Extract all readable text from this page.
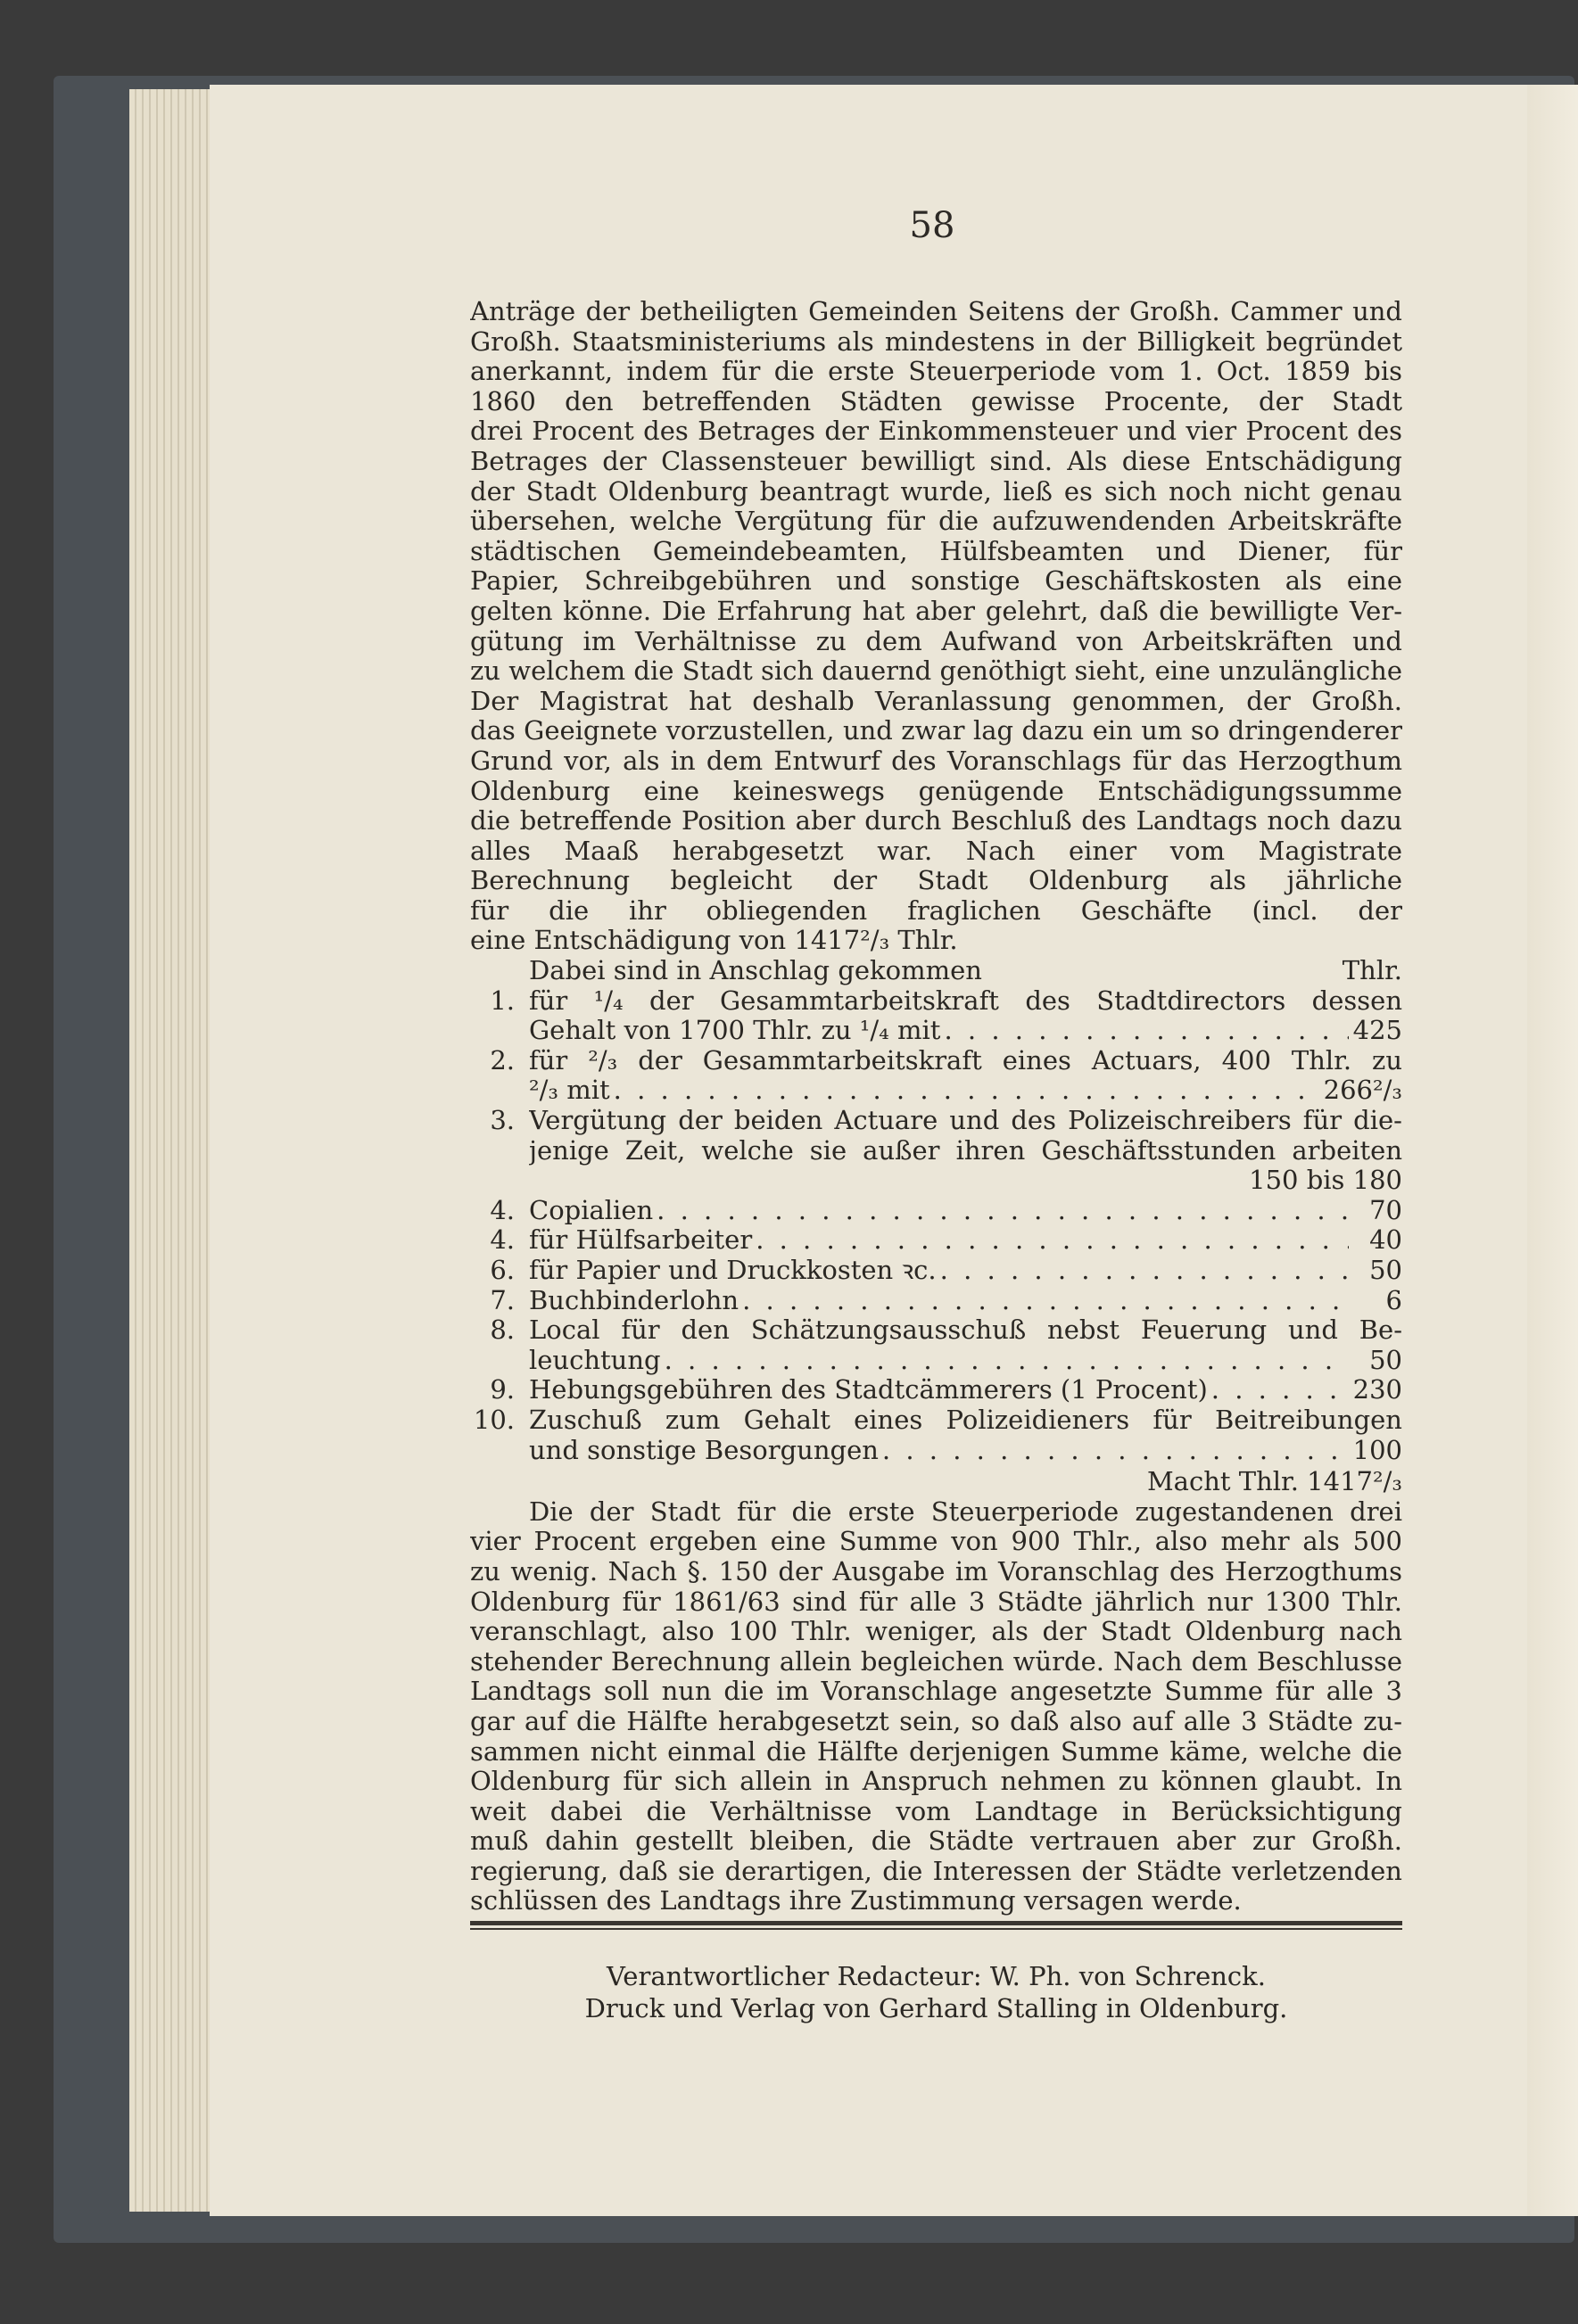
58
Anträge der betheiligten Gemeinden Seitens der Großh. Cammer und
Großh. Staatsministeriums als mindestens in der Billigkeit begründet
anerkannt, indem für die erste Steuerperiode vom 1. Oct. 1859 bis
1860 den betreffenden Städten gewisse Procente, der Stadt
drei Procent des Betrages der Einkommensteuer und vier Procent des
Betrages der Classensteuer bewilligt sind. Als diese Entschädigung
der Stadt Oldenburg beantragt wurde, ließ es sich noch nicht genau
übersehen, welche Vergütung für die aufzuwendenden Arbeitskräfte
städtischen Gemeindebeamten, Hülfsbeamten und Diener, für
Papier, Schreibgebühren und sonstige Geschäftskosten als eine
gelten könne. Die Erfahrung hat aber gelehrt, daß die bewilligte Ver-
gütung im Verhältnisse zu dem Aufwand von Arbeitskräften und
zu welchem die Stadt sich dauernd genöthigt sieht, eine unzulängliche
Der Magistrat hat deshalb Veranlassung genommen, der Großh.
das Geeignete vorzustellen, und zwar lag dazu ein um so dringenderer
Grund vor, als in dem Entwurf des Voranschlags für das Herzogthum
Oldenburg eine keineswegs genügende Entschädigungssumme
die betreffende Position aber durch Beschluß des Landtags noch dazu
alles Maaß herabgesetzt war. Nach einer vom Magistrate
Berechnung begleicht der Stadt Oldenburg als jährliche
für die ihr obliegenden fraglichen Geschäfte (incl. der
eine Entschädigung von 1417²/₃ Thlr.
Dabei sind in Anschlag gekommen	Thlr.
1. für ¹/₄ der Gesammtarbeitskraft des Stadtdirectors dessen
Gehalt von 1700 Thlr. zu ¹/₄ mit . . .	425
2. für ²/₃ der Gesammtarbeitskraft eines Actuars, 400 Thlr. zu
²/₃ mit . . .	266²/₃
3. Vergütung der beiden Actuare und des Polizeischreibers für die-
jenige Zeit, welche sie außer ihren Geschäftsstunden arbeiten
150 bis 180
4. Copialien . . .	70
4. für Hülfsarbeiter . . .	40
6. für Papier und Druckkosten ꝛc. . . .	50
7. Buchbinderlohn . . .	6
8. Local für den Schätzungsausschuß nebst Feuerung und Be-
leuchtung . . .	50
9. Hebungsgebühren des Stadtcämmerers (1 Procent) . . .	230
10. Zuschuß zum Gehalt eines Polizeidieners für Beitreibungen
und sonstige Besorgungen . . .	100
Macht Thlr. 1417²/₃
Die der Stadt für die erste Steuerperiode zugestandenen drei
vier Procent ergeben eine Summe von 900 Thlr., also mehr als 500
zu wenig. Nach §. 150 der Ausgabe im Voranschlag des Herzogthums
Oldenburg für 1861/63 sind für alle 3 Städte jährlich nur 1300 Thlr.
veranschlagt, also 100 Thlr. weniger, als der Stadt Oldenburg nach
stehender Berechnung allein begleichen würde. Nach dem Beschlusse
Landtags soll nun die im Voranschlage angesetzte Summe für alle 3
gar auf die Hälfte herabgesetzt sein, so daß also auf alle 3 Städte zu-
sammen nicht einmal die Hälfte derjenigen Summe käme, welche die
Oldenburg für sich allein in Anspruch nehmen zu können glaubt. In
weit dabei die Verhältnisse vom Landtage in Berücksichtigung
muß dahin gestellt bleiben, die Städte vertrauen aber zur Großh.
regierung, daß sie derartigen, die Interessen der Städte verletzenden
schlüssen des Landtags ihre Zustimmung versagen werde.
Verantwortlicher Redacteur: W. Ph. von Schrenck.
Druck und Verlag von Gerhard Stalling in Oldenburg.
